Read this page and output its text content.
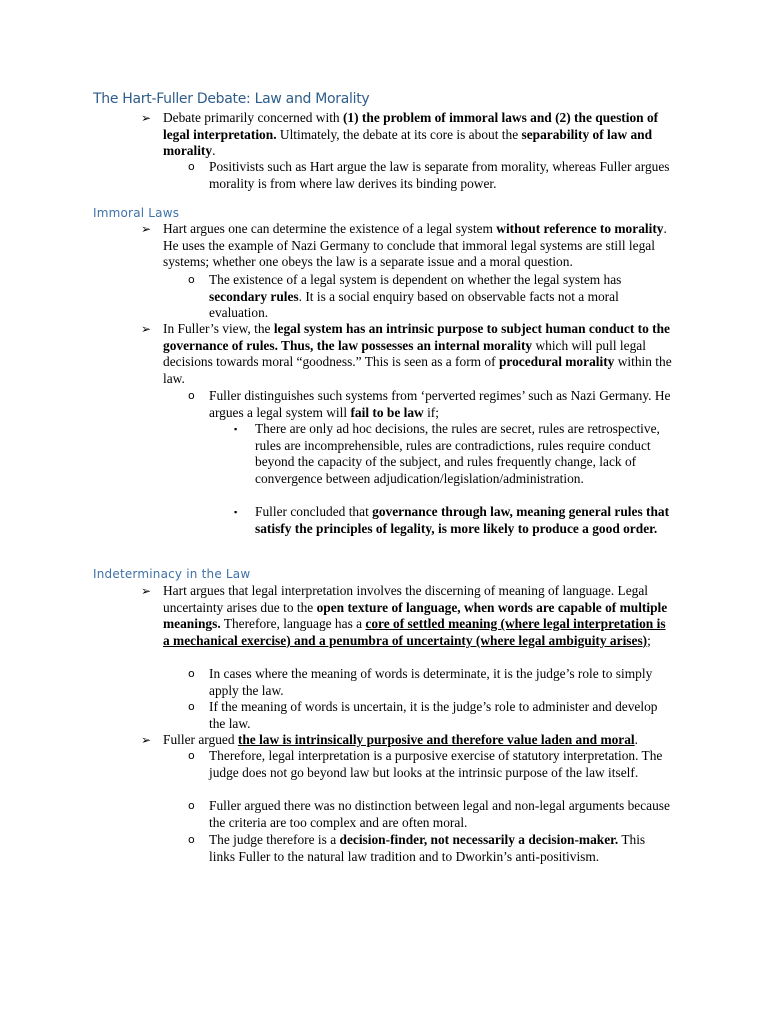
The Hart-Fuller Debate: Law and Morality
➢ Debate primarily concerned with (1) the problem of immoral laws and (2) the question of legal interpretation. Ultimately, the debate at its core is about the separability of law and morality.
o Positivists such as Hart argue the law is separate from morality, whereas Fuller argues morality is from where law derives its binding power.
Immoral Laws
➢ Hart argues one can determine the existence of a legal system without reference to morality. He uses the example of Nazi Germany to conclude that immoral legal systems are still legal systems; whether one obeys the law is a separate issue and a moral question.
o The existence of a legal system is dependent on whether the legal system has secondary rules. It is a social enquiry based on observable facts not a moral evaluation.
➢ In Fuller’s view, the legal system has an intrinsic purpose to subject human conduct to the governance of rules. Thus, the law possesses an internal morality which will pull legal decisions towards moral “goodness.” This is seen as a form of procedural morality within the law.
o Fuller distinguishes such systems from ‘perverted regimes’ such as Nazi Germany. He argues a legal system will fail to be law if;
▪ There are only ad hoc decisions, the rules are secret, rules are retrospective, rules are incomprehensible, rules are contradictions, rules require conduct beyond the capacity of the subject, and rules frequently change, lack of convergence between adjudication/legislation/administration.
▪ Fuller concluded that governance through law, meaning general rules that satisfy the principles of legality, is more likely to produce a good order.
Indeterminacy in the Law
➢ Hart argues that legal interpretation involves the discerning of meaning of language. Legal uncertainty arises due to the open texture of language, when words are capable of multiple meanings. Therefore, language has a core of settled meaning (where legal interpretation is a mechanical exercise) and a penumbra of uncertainty (where legal ambiguity arises);
o In cases where the meaning of words is determinate, it is the judge’s role to simply apply the law.
o If the meaning of words is uncertain, it is the judge’s role to administer and develop the law.
➢ Fuller argued the law is intrinsically purposive and therefore value laden and moral.
o Therefore, legal interpretation is a purposive exercise of statutory interpretation. The judge does not go beyond law but looks at the intrinsic purpose of the law itself.
o Fuller argued there was no distinction between legal and non-legal arguments because the criteria are too complex and are often moral.
o The judge therefore is a decision-finder, not necessarily a decision-maker. This links Fuller to the natural law tradition and to Dworkin’s anti-positivism.
